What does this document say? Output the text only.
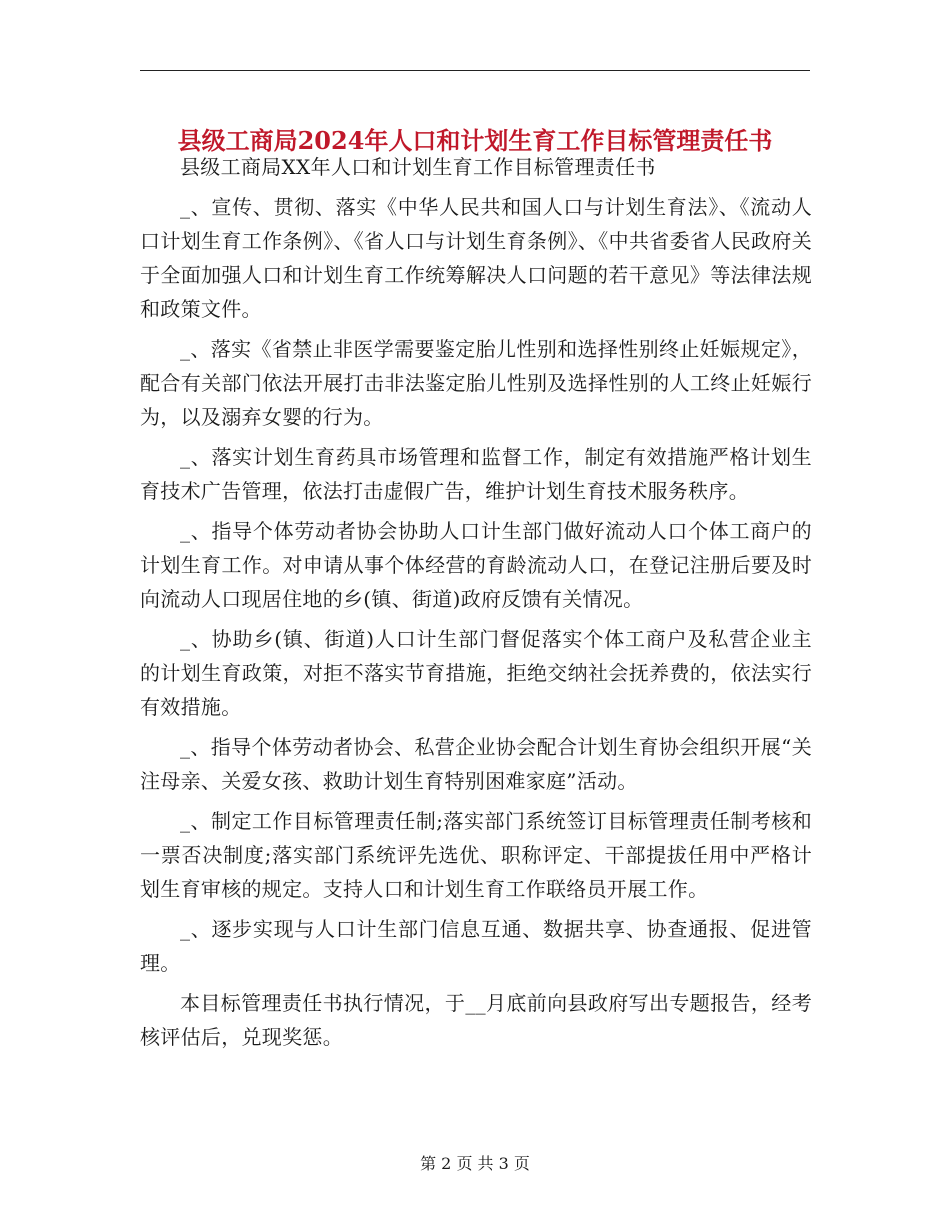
县级工商局2024年人口和计划生育工作目标管理责任书

县级工商局XX年人口和计划生育工作目标管理责任书

_、宣传、贯彻、落实《中华人民共和国人口与计划生育法》、《流动人口计划生育工作条例》、《省人口与计划生育条例》、《中共省委省人民政府关于全面加强人口和计划生育工作统筹解决人口问题的若干意见》等法律法规和政策文件。

_、落实《省禁止非医学需要鉴定胎儿性别和选择性别终止妊娠规定》，配合有关部门依法开展打击非法鉴定胎儿性别及选择性别的人工终止妊娠行为，以及溺弃女婴的行为。

_、落实计划生育药具市场管理和监督工作，制定有效措施严格计划生育技术广告管理，依法打击虚假广告，维护计划生育技术服务秩序。

_、指导个体劳动者协会协助人口计生部门做好流动人口个体工商户的计划生育工作。对申请从事个体经营的育龄流动人口，在登记注册后要及时向流动人口现居住地的乡(镇、街道)政府反馈有关情况。

_、协助乡(镇、街道)人口计生部门督促落实个体工商户及私营企业主的计划生育政策，对拒不落实节育措施，拒绝交纳社会抚养费的，依法实行有效措施。

_、指导个体劳动者协会、私营企业协会配合计划生育协会组织开展“关注母亲、关爱女孩、救助计划生育特别困难家庭”活动。

_、制定工作目标管理责任制;落实部门系统签订目标管理责任制考核和一票否决制度;落实部门系统评先选优、职称评定、干部提拔任用中严格计划生育审核的规定。支持人口和计划生育工作联络员开展工作。

_、逐步实现与人口计生部门信息互通、数据共享、协查通报、促进管理。

本目标管理责任书执行情况，于__月底前向县政府写出专题报告，经考核评估后，兑现奖惩。

第 2 页 共 3 页
